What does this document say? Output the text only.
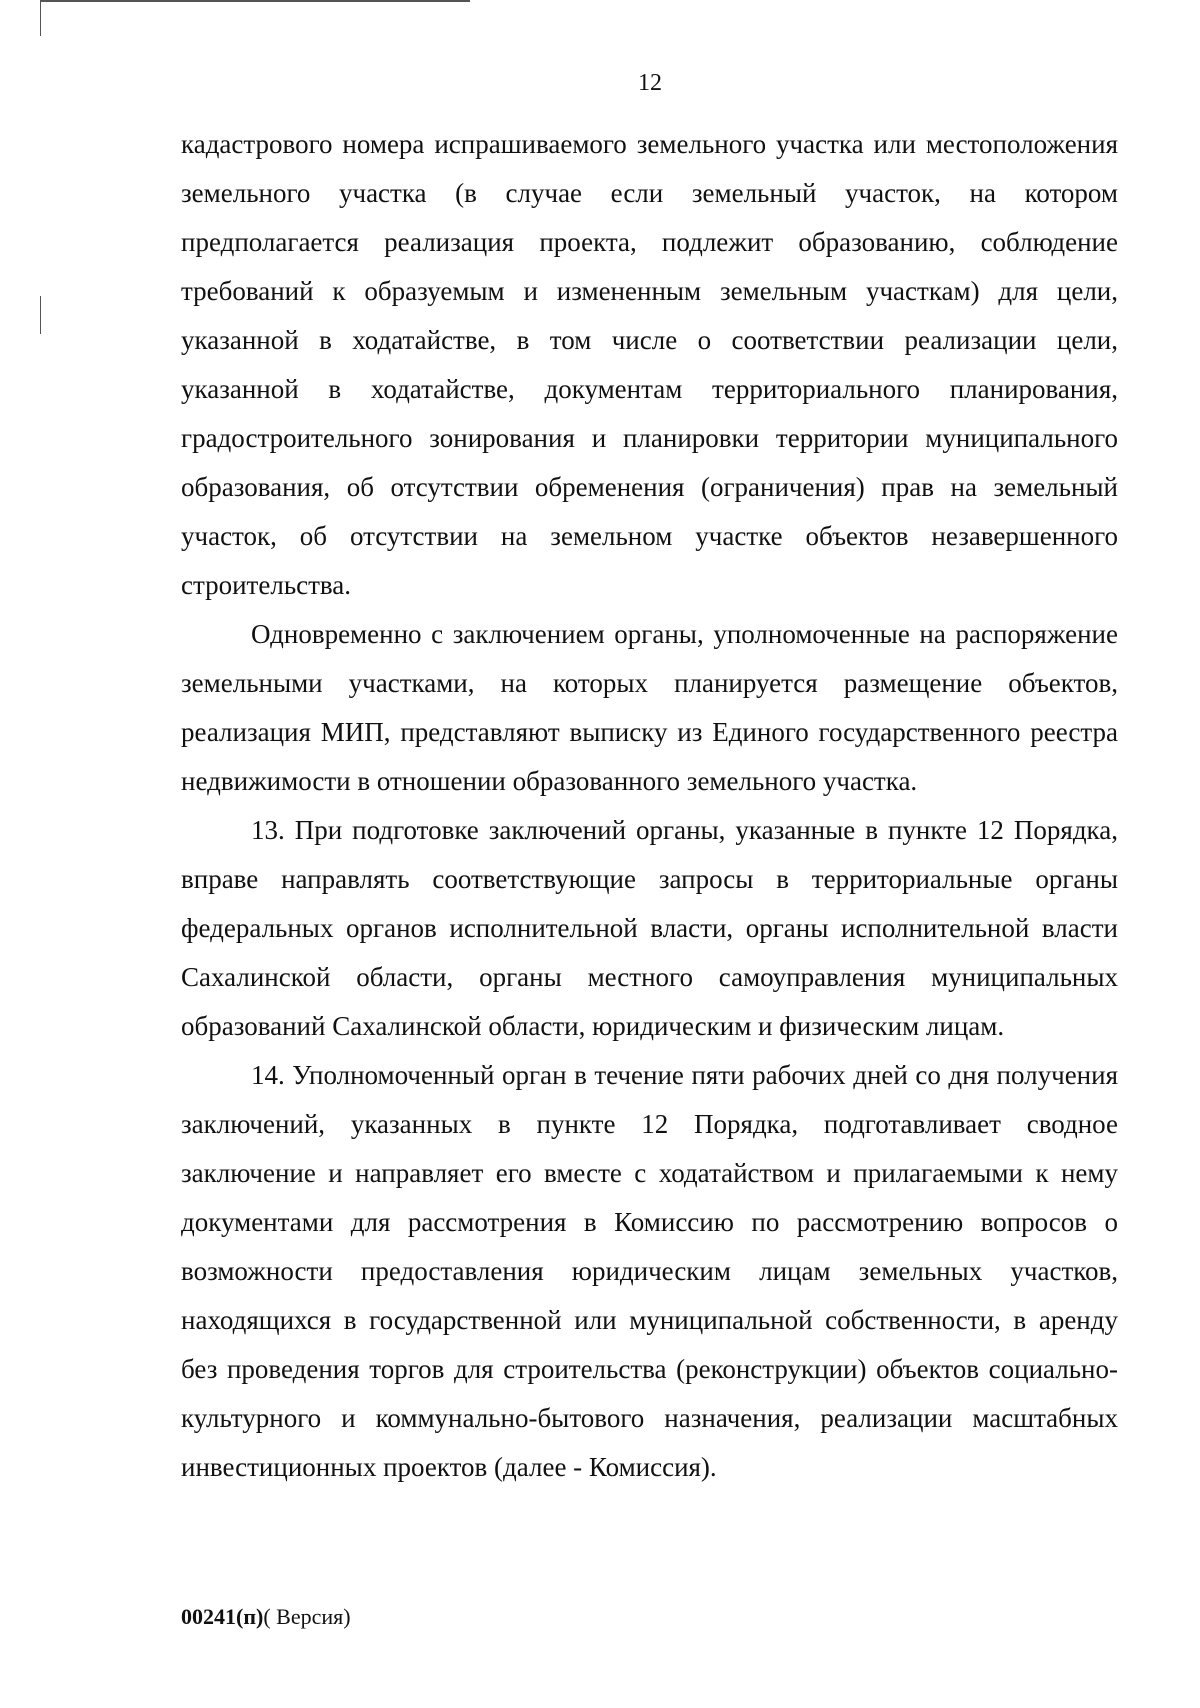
12

кадастрового номера испрашиваемого земельного участка или местоположения земельного участка (в случае если земельный участок, на котором предполагается реализация проекта, подлежит образованию, соблюдение требований к образуемым и измененным земельным участкам) для цели, указанной в ходатайстве, в том числе о соответствии реализации цели, указанной в ходатайстве, документам территориального планирования, градостроительного зонирования и планировки территории муниципального образования, об отсутствии обременения (ограничения) прав на земельный участок, об отсутствии на земельном участке объектов незавершенного строительства.

Одновременно с заключением органы, уполномоченные на распоряжение земельными участками, на которых планируется размещение объектов, реализация МИП, представляют выписку из Единого государственного реестра недвижимости в отношении образованного земельного участка.

13. При подготовке заключений органы, указанные в пункте 12 Порядка, вправе направлять соответствующие запросы в территориальные органы федеральных органов исполнительной власти, органы исполнительной власти Сахалинской области, органы местного самоуправления муниципальных образований Сахалинской области, юридическим и физическим лицам.

14. Уполномоченный орган в течение пяти рабочих дней со дня получения заключений, указанных в пункте 12 Порядка, подготавливает сводное заключение и направляет его вместе с ходатайством и прилагаемыми к нему документами для рассмотрения в Комиссию по рассмотрению вопросов о возможности предоставления юридическим лицам земельных участков, находящихся в государственной или муниципальной собственности, в аренду без проведения торгов для строительства (реконструкции) объектов социально-культурного и коммунально-бытового назначения, реализации масштабных инвестиционных проектов (далее - Комиссия).

00241(п)( Версия)
